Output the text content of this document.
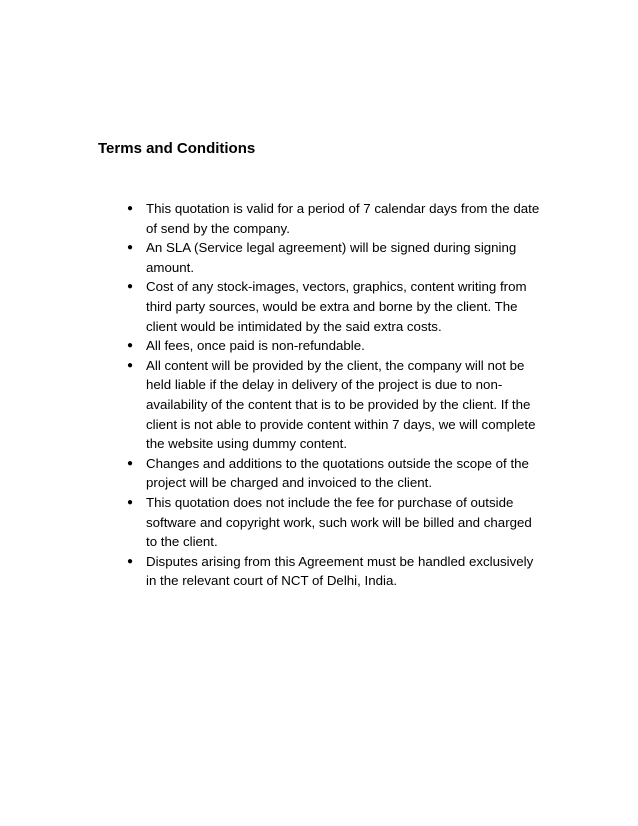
Terms and Conditions
● This quotation is valid for a period of 7 calendar days from the date of send by the company.
● An SLA (Service legal agreement) will be signed during signing amount.
● Cost of any stock-images, vectors, graphics, content writing from third party sources, would be extra and borne by the client. The client would be intimidated by the said extra costs.
● All fees, once paid is non-refundable.
● All content will be provided by the client, the company will not be held liable if the delay in delivery of the project is due to non-availability of the content that is to be provided by the client. If the client is not able to provide content within 7 days, we will complete the website using dummy content.
● Changes and additions to the quotations outside the scope of the project will be charged and invoiced to the client.
● This quotation does not include the fee for purchase of outside software and copyright work, such work will be billed and charged to the client.
● Disputes arising from this Agreement must be handled exclusively in the relevant court of NCT of Delhi, India.
